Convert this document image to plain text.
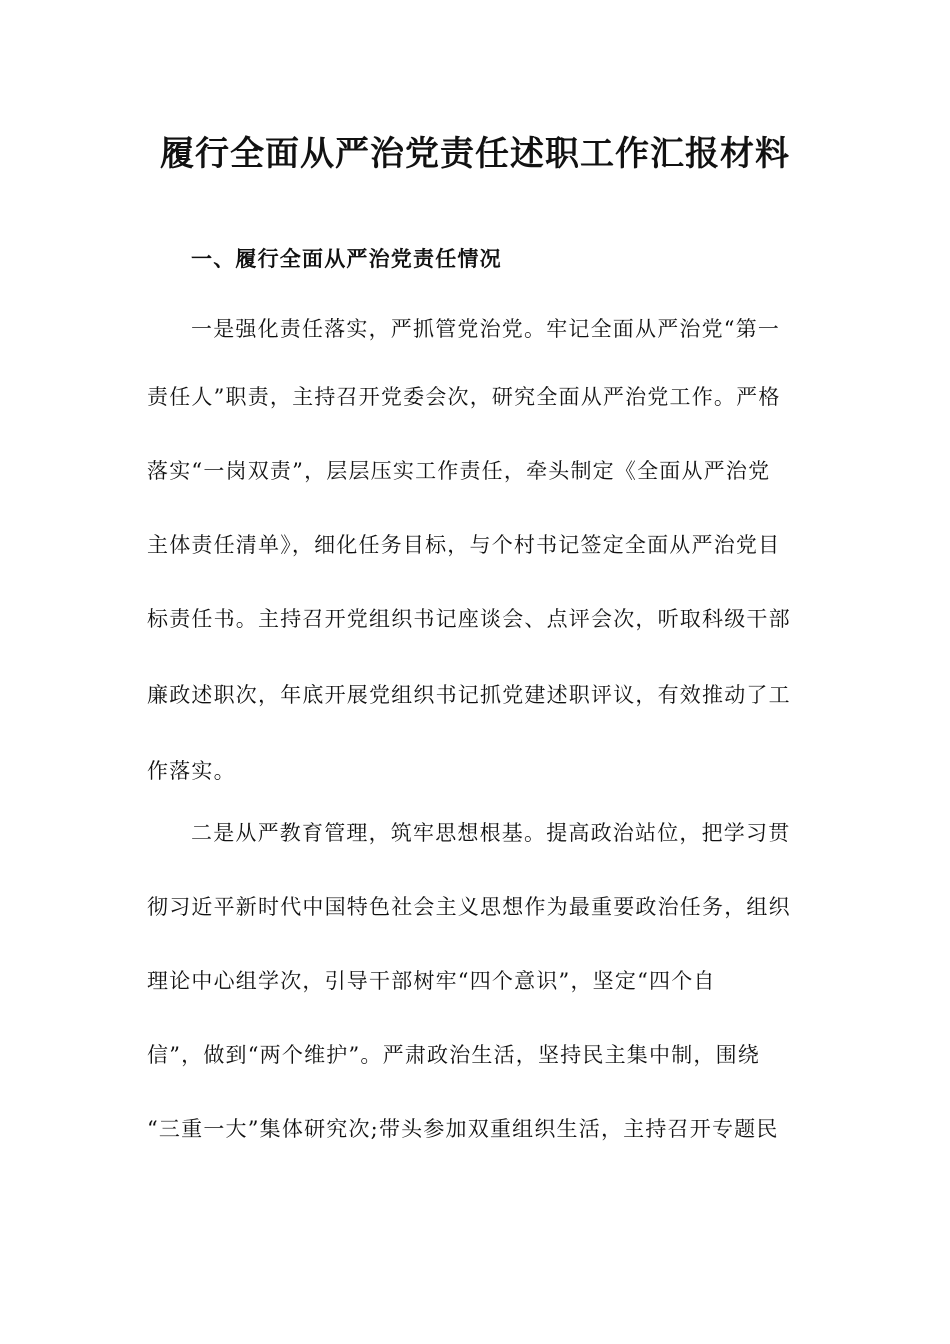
履行全面从严治党责任述职工作汇报材料
一、履行全面从严治党责任情况
一是强化责任落实，严抓管党治党。牢记全面从严治党“第一
责任人”职责，主持召开党委会次，研究全面从严治党工作。严格
落实“一岗双责”，层层压实工作责任，牵头制定《全面从严治党
主体责任清单》，细化任务目标，与个村书记签定全面从严治党目
标责任书。主持召开党组织书记座谈会、点评会次，听取科级干部
廉政述职次，年底开展党组织书记抓党建述职评议，有效推动了工
作落实。
二是从严教育管理，筑牢思想根基。提高政治站位，把学习贯
彻习近平新时代中国特色社会主义思想作为最重要政治任务，组织
理论中心组学次，引导干部树牢“四个意识”，坚定“四个自
信”，做到“两个维护”。严肃政治生活，坚持民主集中制，围绕
“三重一大”集体研究次;带头参加双重组织生活，主持召开专题民
